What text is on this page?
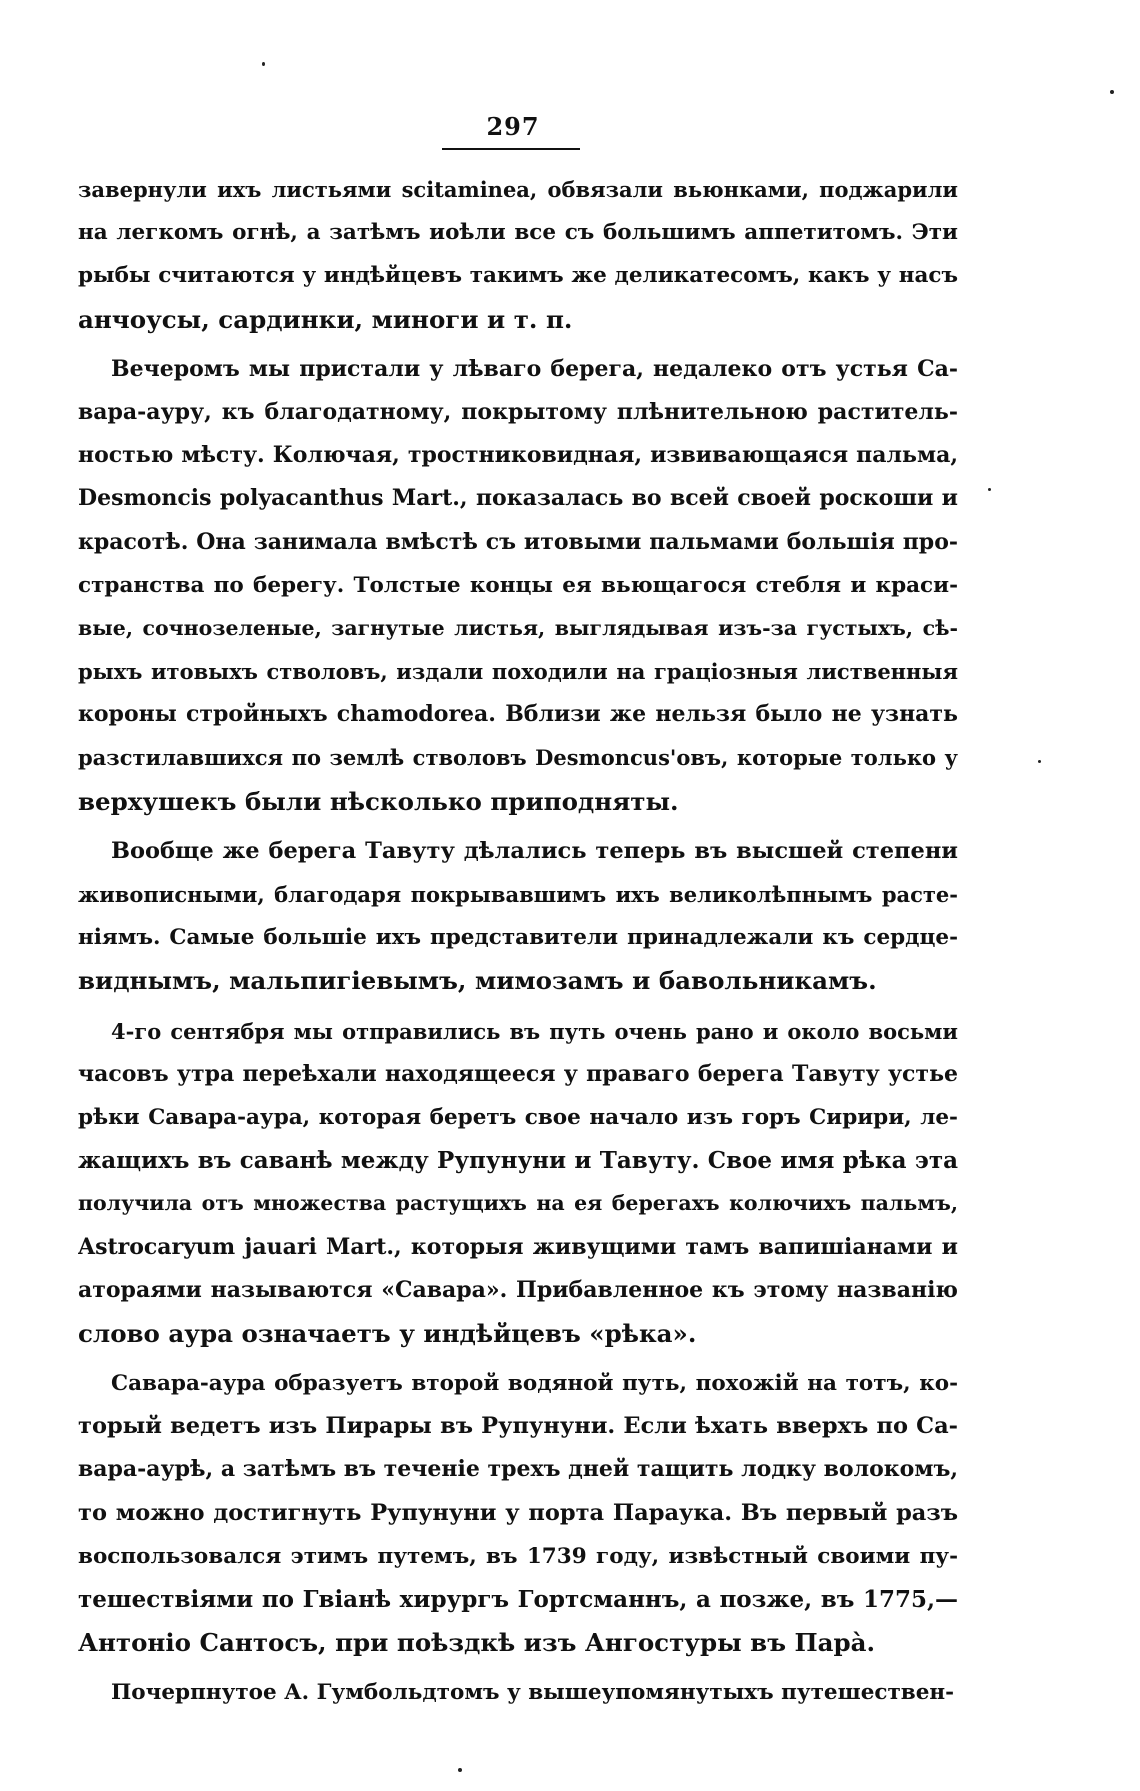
297
завернули ихъ листьями scitamineа, обвязали вьюнками, поджарили
на легкомъ огнѣ, а затѣмъ иоѣли все съ большимъ аппетитомъ. Эти
рыбы считаются у индѣйцевъ такимъ же деликатесомъ, какъ у насъ
анчоусы, сардинки, миноги и т. п.
Вечеромъ мы пристали у лѣваго берега, недалеко отъ устья Са-
вара-ауру, къ благодатному, покрытому плѣнительною раститель-
ностью мѣсту. Колючая, тростниковидная, извивающаяся пальма,
Desmoncis polyacanthus Mart., показалась во всей своей роскоши и
красотѣ. Она занимала вмѣстѣ съ итовыми пальмами большія про-
странства по берегу. Толстые концы ея вьющагося стебля и краси-
вые, сочнозеленые, загнутые листья, выглядывая изъ-за густыхъ, сѣ-
рыхъ итовыхъ стволовъ, издали походили на граціозныя лиственныя
короны стройныхъ chamodorea. Вблизи же нельзя было не узнать
разстилавшихся по землѣ стволовъ Desmoncus'овъ, которые только у
верхушекъ были нѣсколько приподняты.
Вообще же берега Тавуту дѣлались теперь въ высшей степени
живописными, благодаря покрывавшимъ ихъ великолѣпнымъ расте-
ніямъ. Самые большіе ихъ представители принадлежали къ сердце-
виднымъ, мальпигіевымъ, мимозамъ и бавольникамъ.
4-го сентября мы отправились въ путь очень рано и около восьми
часовъ утра переѣхали находящееся у праваго берега Тавуту устье
рѣки Савара-аура, которая беретъ свое начало изъ горъ Сирири, ле-
жащихъ въ саванѣ между Рупунуни и Тавуту. Свое имя рѣка эта
получила отъ множества растущихъ на ея берегахъ колючихъ пальмъ,
Astrocaryum jauari Mart., которыя живущими тамъ вапишіанами и
атораями называются «Савара». Прибавленное къ этому названію
слово аура означаетъ у индѣйцевъ «рѣка».
Савара-аура образуетъ второй водяной путь, похожій на тотъ, ко-
торый ведетъ изъ Пирары въ Рупунуни. Если ѣхать вверхъ по Са-
вара-аурѣ, а затѣмъ въ теченіе трехъ дней тащить лодку волокомъ,
то можно достигнуть Рупунуни у порта Параука. Въ первый разъ
воспользовался этимъ путемъ, въ 1739 году, извѣстный своими пу-
тешествіями по Гвіанѣ хирургъ Гортсманнъ, а позже, въ 1775,—
Антоніо Сантосъ, при поѣздкѣ изъ Ангостуры въ Парà.
Почерпнутое А. Гумбольдтомъ у вышеупомянутыхъ путешествен-
